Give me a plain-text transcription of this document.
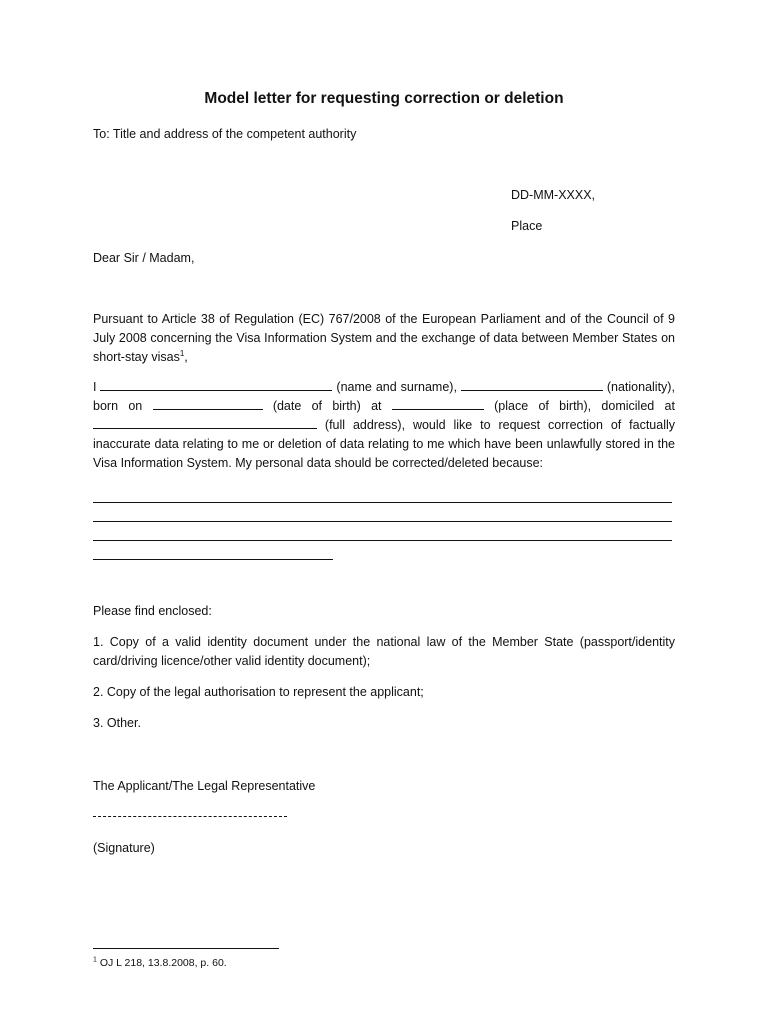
Model letter for requesting correction or deletion
To: Title and address of the competent authority
DD-MM-XXXX,
Place
Dear Sir / Madam,
Pursuant to Article 38 of Regulation (EC) 767/2008 of the European Parliament and of the Council of 9 July 2008 concerning the Visa Information System and the exchange of data between Member States on short-stay visas$^1$,
I	(name and surname),	(nationality), born on	(date of birth) at	(place of birth), domiciled at  (full address), would like to request correction of factually inaccurate data relating to me or deletion of data relating to me which have been unlawfully stored in the Visa Information System. My personal data should be corrected/deleted because:
Please find enclosed:
1. Copy of a valid identity document under the national law of the Member State (passport/identity card/driving licence/other valid identity document);
2. Copy of the legal authorisation to represent the applicant;
3. Other.
The Applicant/The Legal Representative
(Signature)
$^1$ OJ L 218, 13.8.2008, p. 60.
